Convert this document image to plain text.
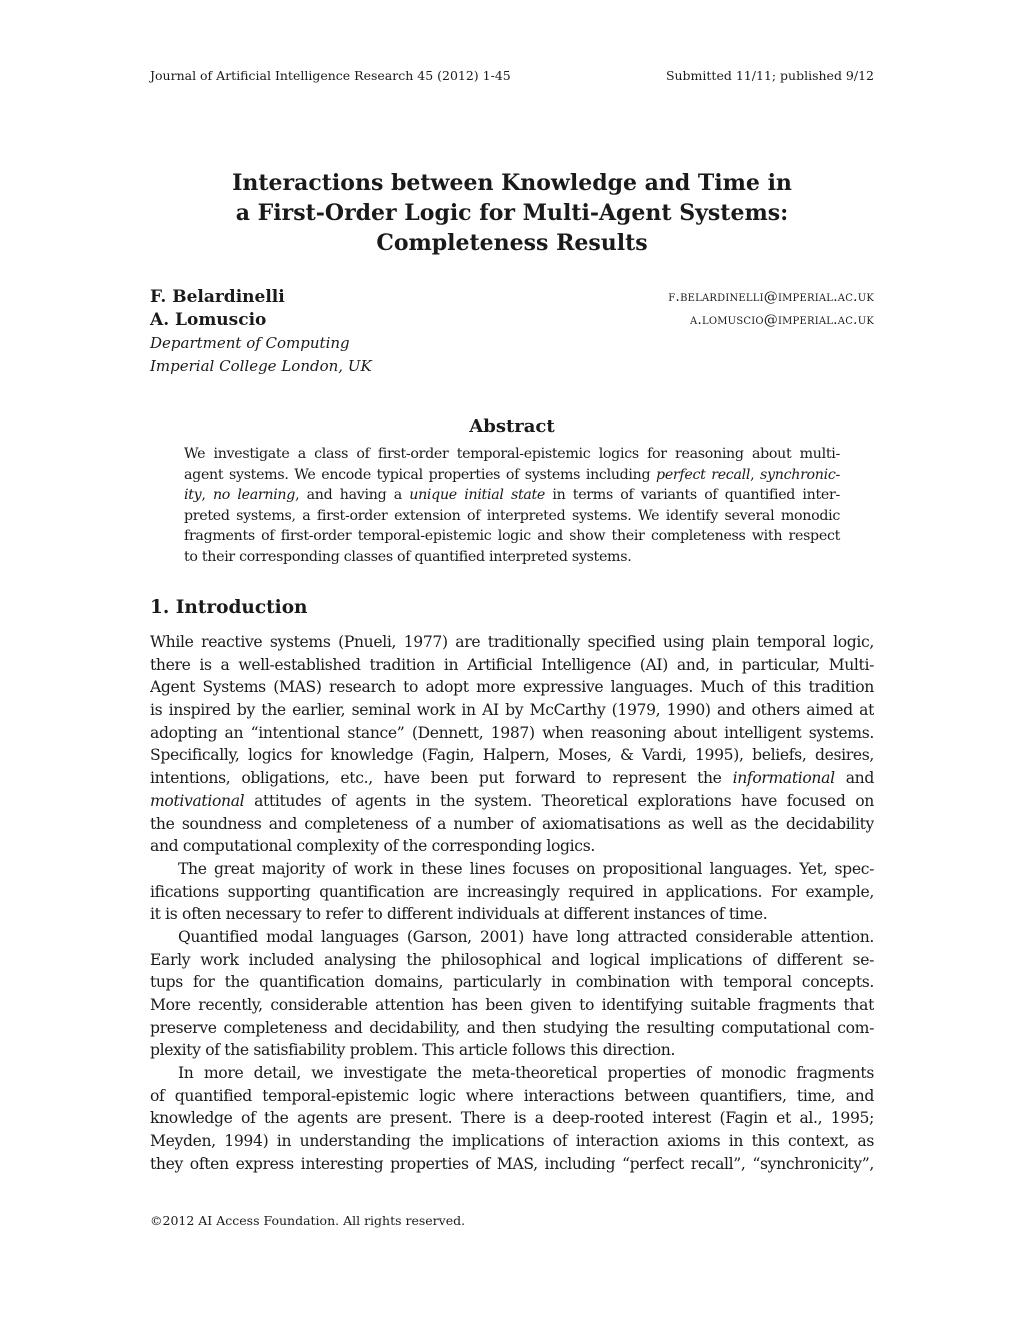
Journal of Artificial Intelligence Research 45 (2012) 1-45	Submitted 11/11; published 9/12
Interactions between Knowledge and Time in
a First-Order Logic for Multi-Agent Systems:
Completeness Results
F. Belardinelli	f.belardinelli@imperial.ac.uk
A. Lomuscio	a.lomuscio@imperial.ac.uk
Department of Computing
Imperial College London, UK
Abstract
We investigate a class of first-order temporal-epistemic logics for reasoning about multi-
agent systems. We encode typical properties of systems including perfect recall, synchronic-
ity, no learning, and having a unique initial state in terms of variants of quantified inter-
preted systems, a first-order extension of interpreted systems. We identify several monodic
fragments of first-order temporal-epistemic logic and show their completeness with respect
to their corresponding classes of quantified interpreted systems.
1. Introduction
While reactive systems (Pnueli, 1977) are traditionally specified using plain temporal logic,
there is a well-established tradition in Artificial Intelligence (AI) and, in particular, Multi-
Agent Systems (MAS) research to adopt more expressive languages. Much of this tradition
is inspired by the earlier, seminal work in AI by McCarthy (1979, 1990) and others aimed at
adopting an “intentional stance” (Dennett, 1987) when reasoning about intelligent systems.
Specifically, logics for knowledge (Fagin, Halpern, Moses, & Vardi, 1995), beliefs, desires,
intentions, obligations, etc., have been put forward to represent the informational and
motivational attitudes of agents in the system. Theoretical explorations have focused on
the soundness and completeness of a number of axiomatisations as well as the decidability
and computational complexity of the corresponding logics.
The great majority of work in these lines focuses on propositional languages. Yet, spec-
ifications supporting quantification are increasingly required in applications. For example,
it is often necessary to refer to different individuals at different instances of time.
Quantified modal languages (Garson, 2001) have long attracted considerable attention.
Early work included analysing the philosophical and logical implications of different se-
tups for the quantification domains, particularly in combination with temporal concepts.
More recently, considerable attention has been given to identifying suitable fragments that
preserve completeness and decidability, and then studying the resulting computational com-
plexity of the satisfiability problem. This article follows this direction.
In more detail, we investigate the meta-theoretical properties of monodic fragments
of quantified temporal-epistemic logic where interactions between quantifiers, time, and
knowledge of the agents are present. There is a deep-rooted interest (Fagin et al., 1995;
Meyden, 1994) in understanding the implications of interaction axioms in this context, as
they often express interesting properties of MAS, including “perfect recall”, “synchronicity”,
©2012 AI Access Foundation. All rights reserved.
